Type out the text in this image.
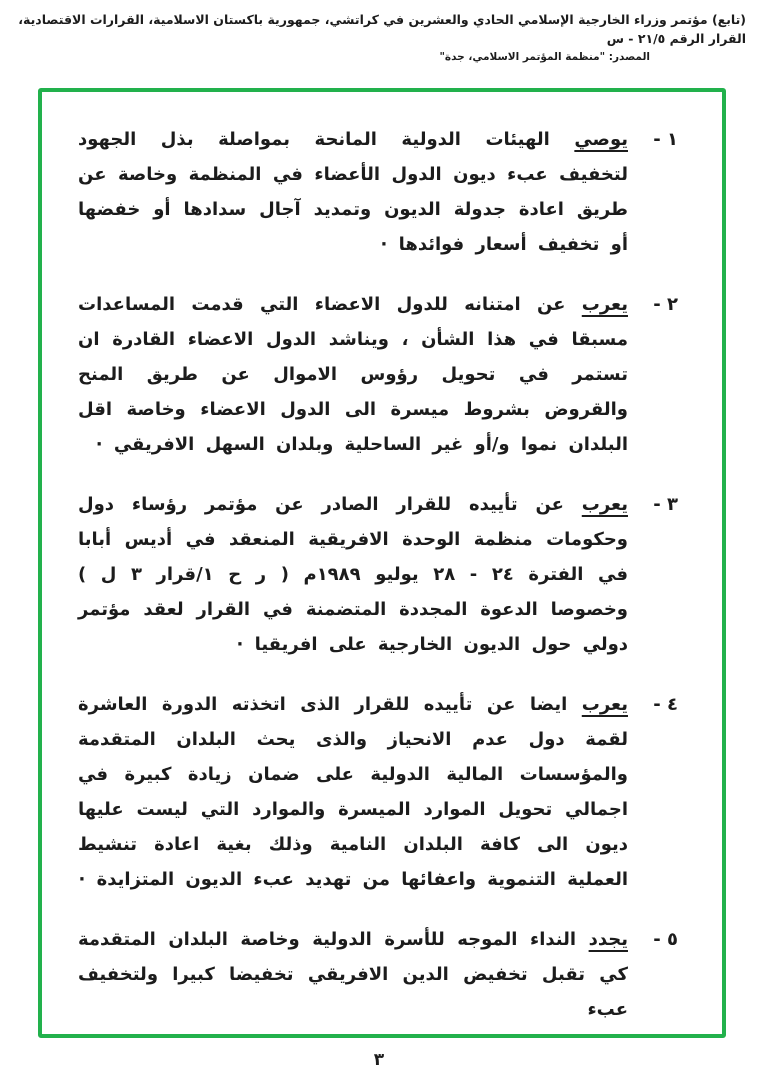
(تابع) مؤتمر وزراء الخارجية الإسلامي الحادي والعشرين في كراتشي، جمهورية باكستان الاسلامية، القرارات الاقتصادية، القرار الرقم ٢١/٥ - س
المصدر: "منظمة المؤتمر الاسلامي، جدة"
١ -

يوصي الهيئات الدولية المانحة بمواصلة بذل الجهود لتخفيف عبء ديون الدول الأعضاء في المنظمة وخاصة عن طريق اعادة جدولة الديون وتمديد آجال سدادها أو خفضها أو تخفيف أسعار فوائدها ·

٢ -

يعرب عن امتنانه للدول الاعضاء التي قدمت المساعدات مسبقا في هذا الشأن ، ويناشد الدول الاعضاء القادرة ان تستمر في تحويل رؤوس الاموال عن طريق المنح والقروض بشروط ميسرة الى الدول الاعضاء وخاصة اقل البلدان نموا و/أو غير الساحلية وبلدان السهل الافريقي ·

٣ -

يعرب عن تأييده للقرار الصادر عن مؤتمر رؤساء دول وحكومات منظمة الوحدة الافريقية المنعقد في أديس أبابا في الفترة ٢٤ - ٢٨ يوليو ١٩٨٩م ( ر ح ١/قرار ٣ ل ) وخصوصا الدعوة المجددة المتضمنة في القرار لعقد مؤتمر دولي حول الديون الخارجية على افريقيا ·

٤ -

يعرب ايضا عن تأييده للقرار الذى اتخذته الدورة العاشرة لقمة دول عدم الانحياز والذى يحث البلدان المتقدمة والمؤسسات المالية الدولية على ضمان زيادة كبيرة في اجمالي تحويل الموارد الميسرة والموارد التي ليست عليها ديون الى كافة البلدان النامية وذلك بغية اعادة تنشيط العملية التنموية واعفائها من تهديد عبء الديون المتزايدة ·

٥ -

يجدد النداء الموجه للأسرة الدولية وخاصة البلدان المتقدمة كي تقبل تخفيض الدين الافريقي تخفيضا كبيرا ولتخفيف عبء

٣
